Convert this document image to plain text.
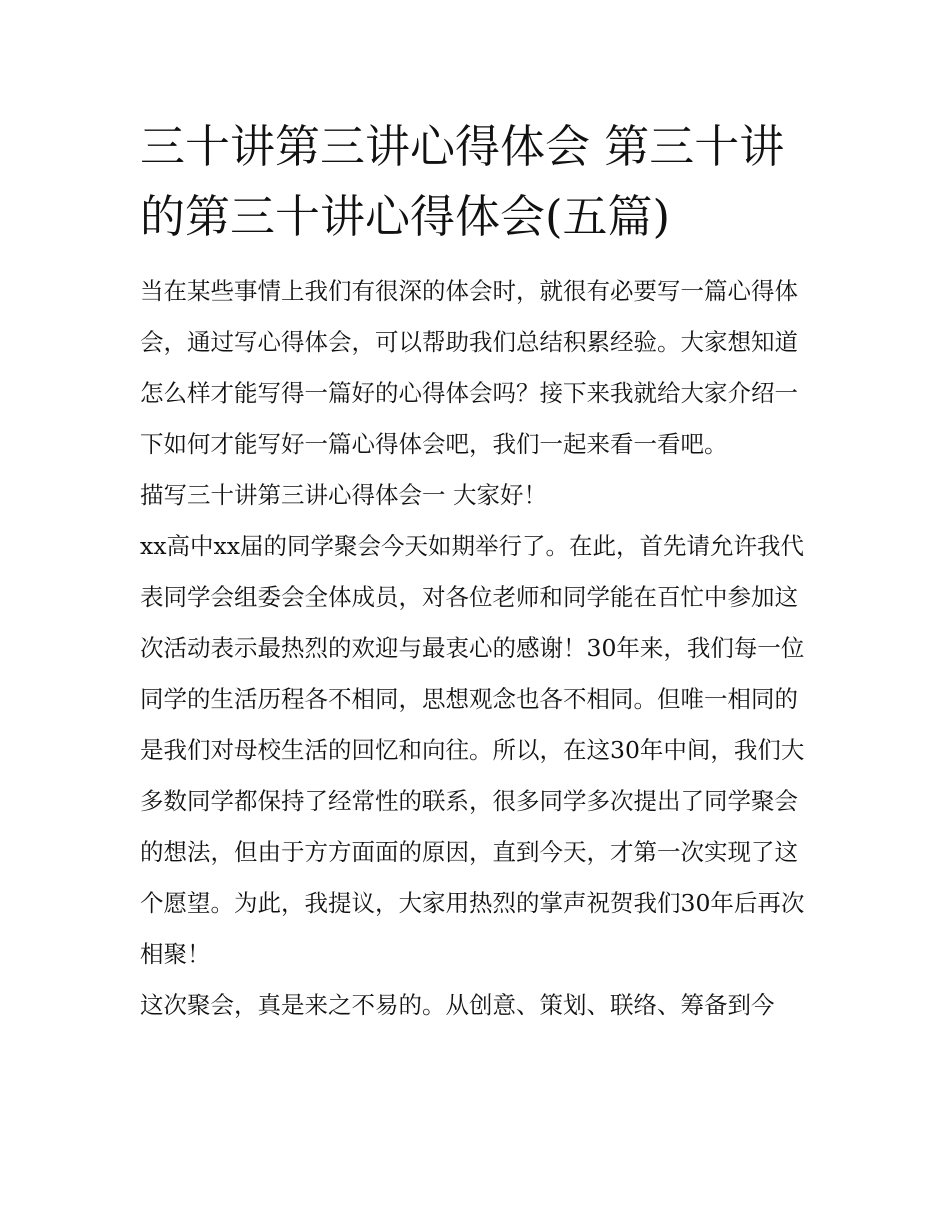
三十讲第三讲心得体会 第三十讲的第三十讲心得体会(五篇)

当在某些事情上我们有很深的体会时，就很有必要写一篇心得体会，通过写心得体会，可以帮助我们总结积累经验。大家想知道怎么样才能写得一篇好的心得体会吗？接下来我就给大家介绍一下如何才能写好一篇心得体会吧，我们一起来看一看吧。

描写三十讲第三讲心得体会一 大家好！

xx高中xx届的同学聚会今天如期举行了。在此，首先请允许我代表同学会组委会全体成员，对各位老师和同学能在百忙中参加这次活动表示最热烈的欢迎与最衷心的感谢！30年来，我们每一位同学的生活历程各不相同，思想观念也各不相同。但唯一相同的是我们对母校生活的回忆和向往。所以，在这30年中间，我们大多数同学都保持了经常性的联系，很多同学多次提出了同学聚会的想法，但由于方方面面的原因，直到今天，才第一次实现了这个愿望。为此，我提议，大家用热烈的掌声祝贺我们30年后再次相聚！

这次聚会，真是来之不易的。从创意、策划、联络、筹备到今
